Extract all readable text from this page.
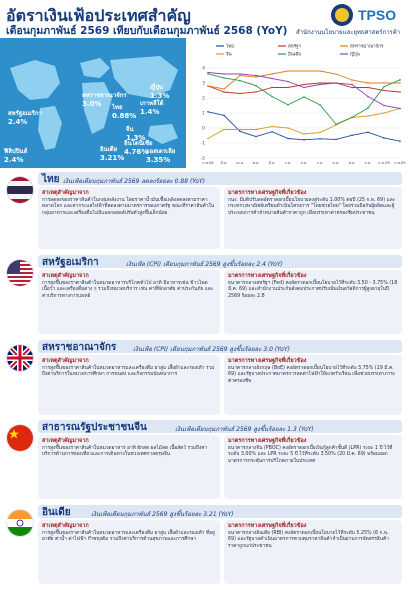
อัตราเงินเฟ้อประเทศสำคัญ
เดือนกุมภาพันธ์ 2569 เทียบกับเดือนกุมภาพันธ์ 2568 (YoY)
TPSO
สำนักงานนโยบายและยุทธศาสตร์การค้า
สหรัฐอเมริกา
2.4%
ไทย
0.88%
จีน
1.3%
อินเดีย
3.21%
สหราชอาณาจักร
3.0%
ญี่ปุ่น
1.3%
ออสเตรเลีย
3.35%
เกาหลีใต้
1.4%
อินโดนีเซีย
4.76%
ฟิลิปปินส์
2.4%	-2
-1
0
1
2
3
4
ก.พ.68 มี.ค. เม.ย. พ.ค.	มิ.ย.	ก.ค.	ส.ค.	ก.ย.	ต.ค.	พ.ย.	ธ.ค. ม.ค.69 ก.พ.69
ไทย	สหรัฐฯ	สหราชอาณาจักร
จีน	อินเดีย	ญี่ปุ่น
ไทย เงินเฟ้อเดือนกุมภาพันธ์ 2569 ลดลงร้อยละ 0.88 (YoY)
สาเหตุสำคัญมาจาก
การลดลงของราคาสินค้าในกลุ่มพลังงาน โดยราคาน้ำมันเชื้อเพลิงลดลงตามราคาตลาดโลก และค่ากระแสไฟฟ้าที่ลดลงตามมาตรการของภาครัฐ ขณะที่ราคาสินค้าในกลุ่มอาหารและเครื่องดื่มไม่มีแอลกอฮอล์ปรับตัวสูงขึ้นเล็กน้อย
มาตรการทางเศรษฐกิจที่เกี่ยวข้อง
กนง. มีมติปรับลดอัตราดอกเบี้ยนโยบายลงสู่ระดับ 1.00% ต่อปี (25 ก.พ. 69) และกระทรวงพาณิชย์เตรียมดำเนินโครงการ "ไทยช่วยไทย" โดยร่วมมือกับผู้ผลิตและผู้ประกอบการค้าจำหน่ายสินค้าราคาถูก เพื่อบรรเทาค่าครองชีพประชาชน
สหรัฐอเมริกา	เงินเฟ้อ (CPI) เดือนกุมภาพันธ์ 2569 สูงขึ้นร้อยละ 2.4 (YoY)
สาเหตุสำคัญมาจาก
การสูงขึ้นของราคาสินค้าในหมวดอาหารบริโภคทั่วไป อาทิ มีอาหารเช่น ข้าวโพด เนื้อวัว และเครื่องดื่มต่าง ๆ รวมถึงหมวดบริการ เช่น ค่าที่พักอาศัย ค่าประกันภัย และค่าบริการทางการแพทย์
มาตรการทางเศรษฐกิจที่เกี่ยวข้อง
ธนาคารกลางสหรัฐฯ (Fed) คงอัตราดอกเบี้ยนโยบายไว้ที่ระดับ 3.50 - 3.75% (18 มี.ค. 69) และสำนักงานประกันสังคมประกาศปรับเพิ่มเงินสวัสดิการผู้สูงอายุในปี 2569 ร้อยละ 2.8
สหราชอาณาจักร	เงินเฟ้อ (CPI) เดือนกุมภาพันธ์ 2569 สูงขึ้นร้อยละ 3.0 (YoY)
สาเหตุสำคัญมาจาก
การสูงขึ้นของราคาสินค้าในหมวดอาหารและเครื่องดื่ม ยาสูบ เสื้อผ้าและรองเท้า รวมถึงค่าบริการในหมวดการศึกษา การขนส่ง และกิจกรรมนันทนาการ
มาตรการทางเศรษฐกิจที่เกี่ยวข้อง
ธนาคารกลางอังกฤษ (BoE) คงอัตราดอกเบี้ยนโยบายไว้ที่ระดับ 3.75% (19 มี.ค. 69) และรัฐบาลประกาศมาตรการลดค่าไฟฟ้าให้แก่ครัวเรือน เพื่อช่วยบรรเทาภาระค่าครองชีพ
สาธารณรัฐประชาชนจีน	เงินเฟ้อเดือนกุมภาพันธ์ 2569 สูงขึ้นร้อยละ 1.3 (YoY)
สาเหตุสำคัญมาจาก
การสูงขึ้นของราคาสินค้าในหมวดอาหาร อาทิ ผักสด ผลไม้สด เนื้อสัตว์ รวมถึงค่าบริการด้านการท่องเที่ยวและการเดินทางในช่วงเทศกาลตรุษจีน
มาตรการทางเศรษฐกิจที่เกี่ยวข้อง
ธนาคารกลางจีน (PBOC) คงอัตราดอกเบี้ยเงินกู้ลูกค้าชั้นดี (LPR) ระยะ 1 ปี ไว้ที่ระดับ 3.00% และ LPR ระยะ 5 ปี ไว้ที่ระดับ 3.50% (20 มี.ค. 69) พร้อมออกมาตรการกระตุ้นการบริโภคภายในประเทศ
อินเดีย	เงินเฟ้อเดือนกุมภาพันธ์ 2569 สูงขึ้นร้อยละ 3.21 (YoY)
สาเหตุสำคัญมาจาก
การสูงขึ้นของราคาสินค้าในหมวดอาหารและเครื่องดื่ม ยาสูบ เสื้อผ้าและรองเท้า ที่อยู่อาศัย ค่าน้ำ ค่าไฟฟ้า ก๊าซหุงต้ม รวมถึงค่าบริการด้านสุขภาพและการศึกษา
มาตรการทางเศรษฐกิจที่เกี่ยวข้อง
ธนาคารกลางอินเดีย (RBI) คงอัตราดอกเบี้ยนโยบายไว้ที่ระดับ 5.25% (6 ก.พ. 69) และรัฐบาลดำเนินมาตรการควบคุมราคาสินค้าจำเป็นผ่านการจัดสรรสินค้าราคาถูกแก่ประชาชน
